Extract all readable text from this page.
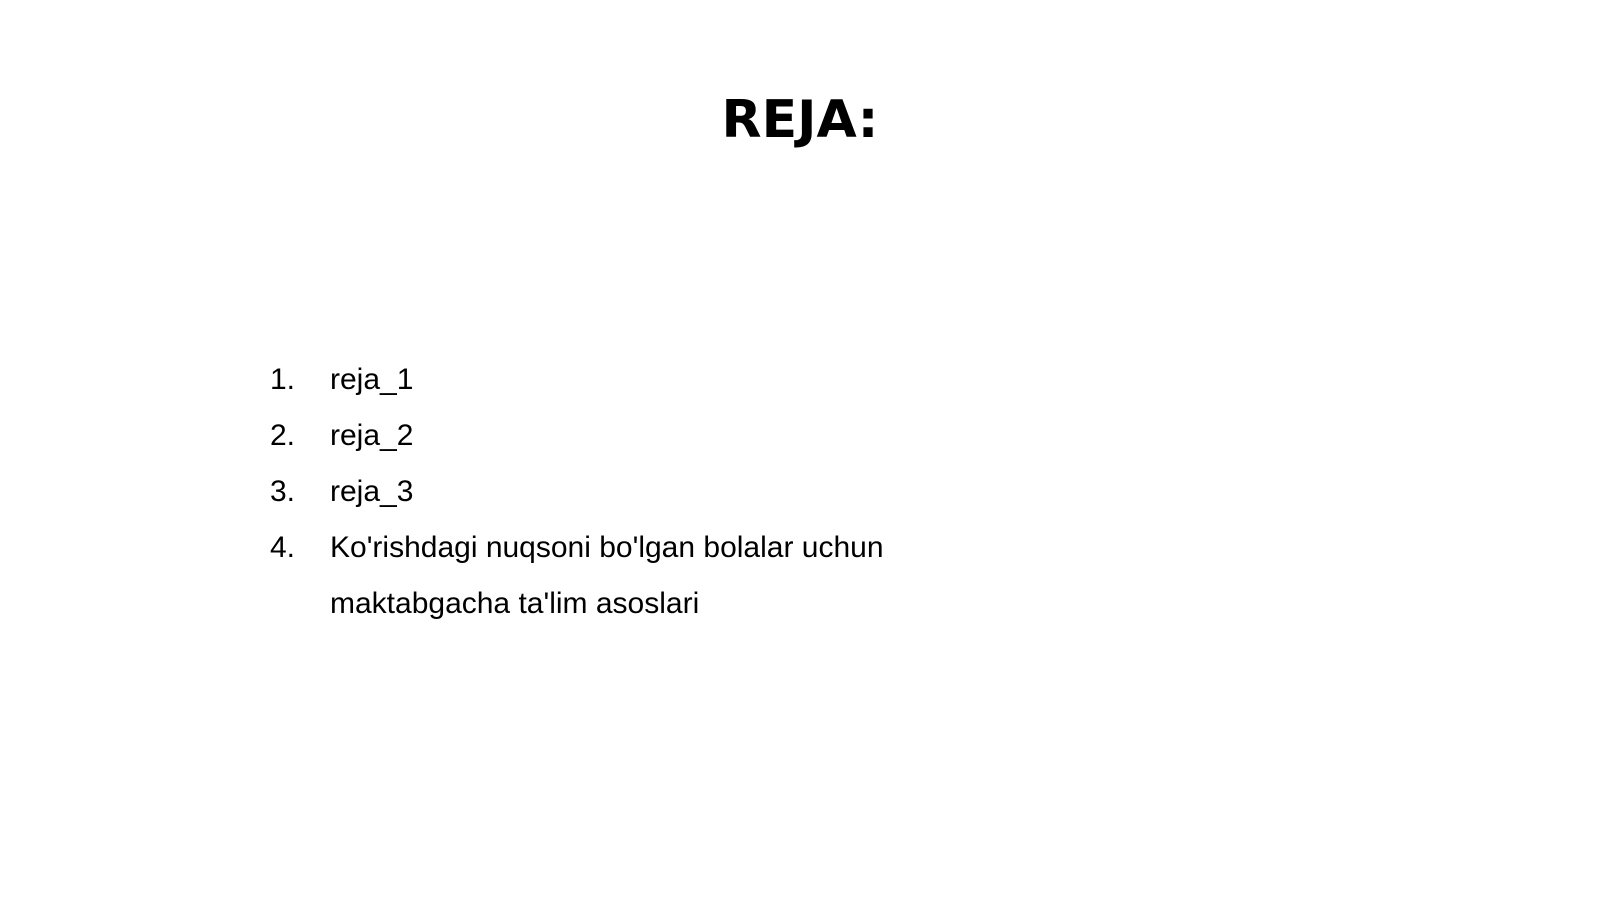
REJA:
1.	reja_1
2.	reja_2
3.	reja_3
4.	Ko'rishdagi nuqsoni bo'lgan bolalar uchun maktabgacha ta'lim asoslari
